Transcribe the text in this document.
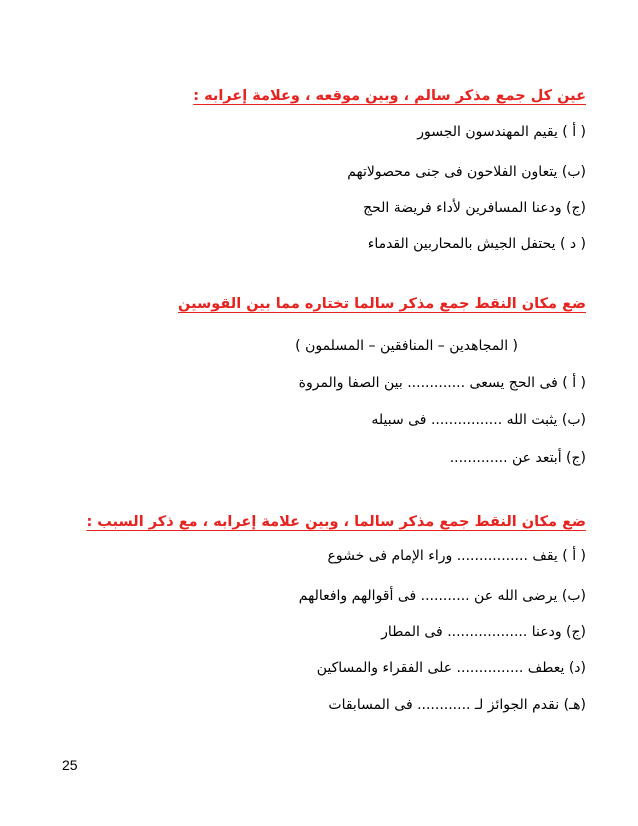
عين كل جمع مذكر سالم ، وبين موقعه ، وعلامة إعرابه :
( أ ) يقيم المهندسون الجسور
(ب) يتعاون الفلاحون فى جنى محصولاتهم
(ج) ودعنا المسافرين لأداء فريضة الحج
( د ) يحتفل الجيش بالمحاربين القدماء
ضع مكان النقط جمع مذكر سالما تختاره مما بين القوسين
( المجاهدين – المنافقين – المسلمون )
( أ ) فى الحج يسعى ............. بين الصفا والمروة
(ب) يثبت الله ................ فى سبيله
(ج) أبتعد عن .............
ضع مكان النقط جمع مذكر سالما ، وبين علامة إعرابه ، مع ذكر السبب :
( أ ) يقف ................ وراء الإمام فى خشوع
(ب) يرضى الله عن ........... فى أقوالهم وافعالهم
(ج) ودعنا .................. فى المطار
(د) يعطف ............... على الفقراء والمساكين
(هـ) نقدم الجوائز لـ ............ فى المسابقات
25
